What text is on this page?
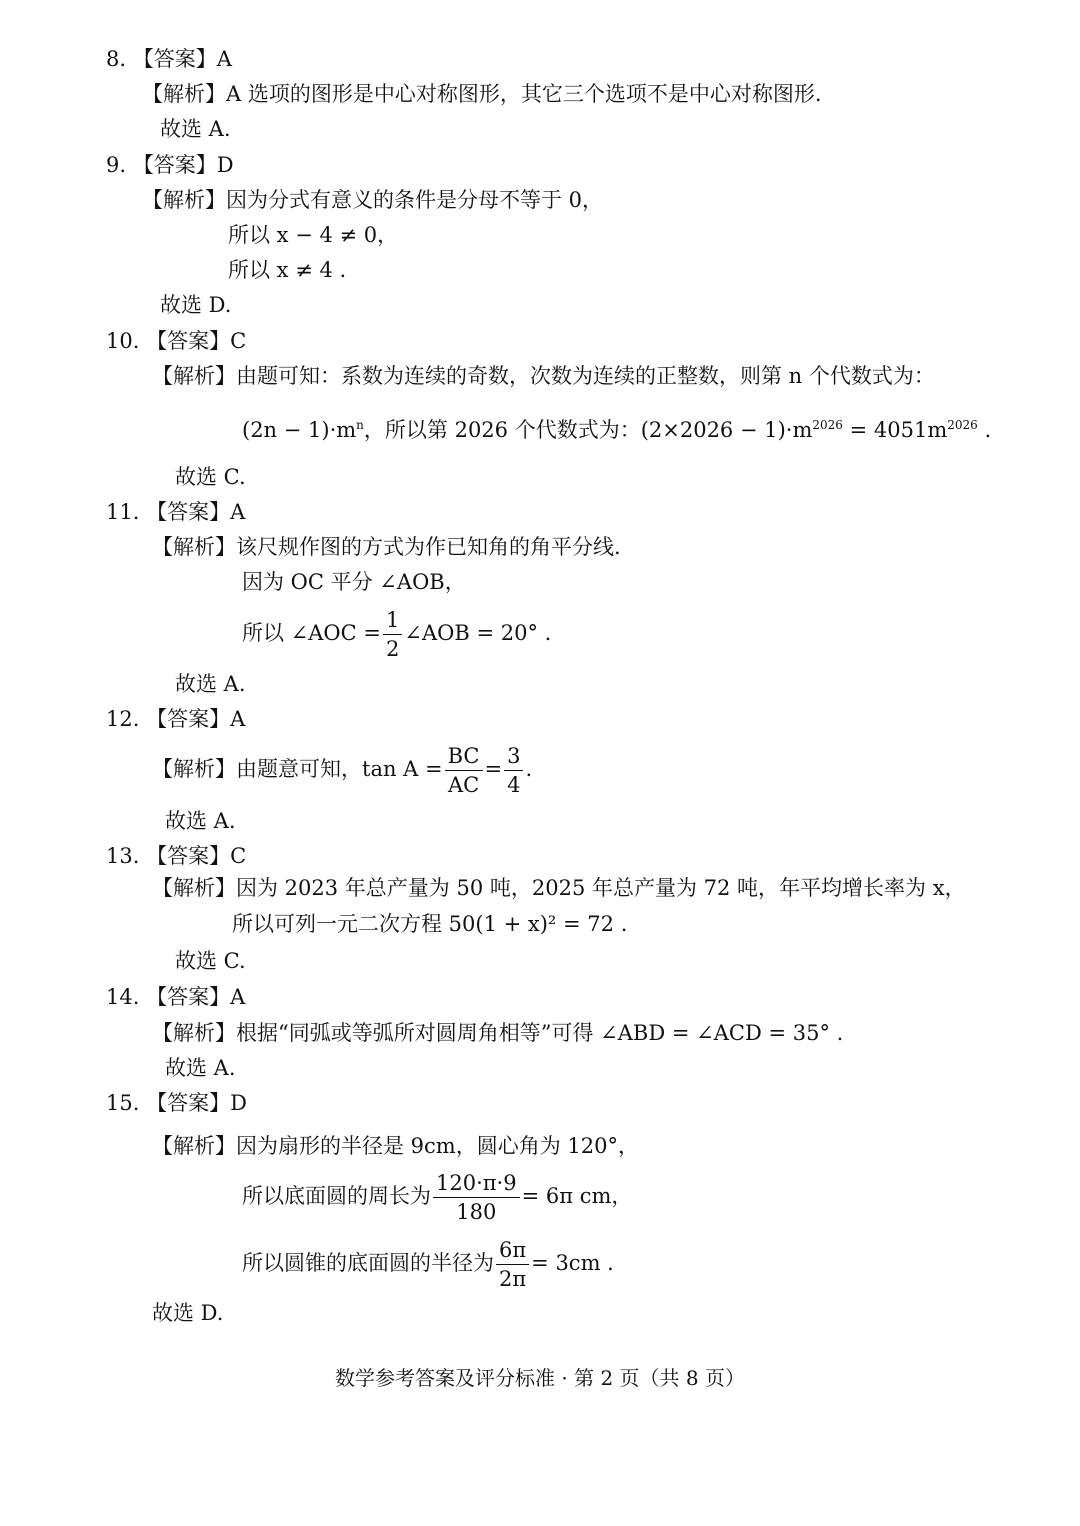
8. 【答案】A
【解析】A 选项的图形是中心对称图形，其它三个选项不是中心对称图形.
故选 A.
9. 【答案】D
【解析】因为分式有意义的条件是分母不等于 0，
所以 x − 4 ≠ 0，
所以 x ≠ 4 .
故选 D.
10. 【答案】C
【解析】由题可知：系数为连续的奇数，次数为连续的正整数，则第 n 个代数式为：
$(2n - 1)\cdot m^n$，所以第 2026 个代数式为：$(2\times 2026 - 1)\cdot m^{2026} = 4051m^{2026}$ .
故选 C.
11. 【答案】A
【解析】该尺规作图的方式为作已知角的角平分线.
因为 OC 平分 ∠AOB，
所以 ∠AOC = $\frac{1}{2}$ ∠AOB = 20° .
故选 A.
12. 【答案】A
【解析】由题意可知，$\tan A = \frac{BC}{AC} = \frac{3}{4}$ .
故选 A.
13. 【答案】C
【解析】因为 2023 年总产量为 50 吨，2025 年总产量为 72 吨，年平均增长率为 x，
所以可列一元二次方程 50(1 + x)² = 72 .
故选 C.
14. 【答案】A
【解析】根据“同弧或等弧所对圆周角相等”可得 ∠ABD = ∠ACD = 35° .
故选 A.
15. 【答案】D
【解析】因为扇形的半径是 9cm，圆心角为 120°，
所以底面圆的周长为 $\frac{120\cdot\pi\cdot 9}{180} = 6\pi$ cm，
所以圆锥的底面圆的半径为 $\frac{6\pi}{2\pi} = 3cm$ .
故选 D.
数学参考答案及评分标准 · 第 2 页（共 8 页）
